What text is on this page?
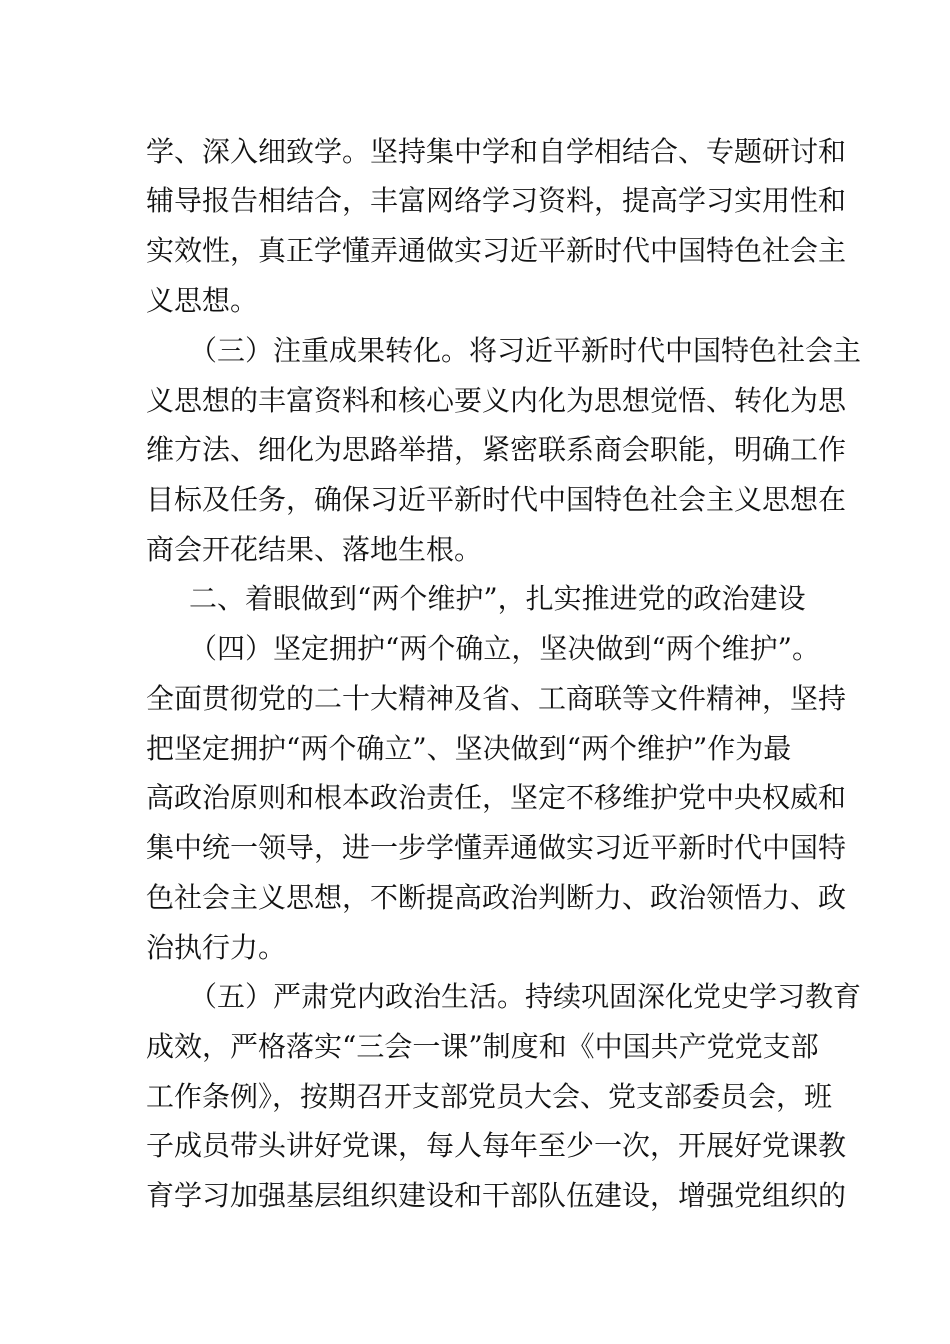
学、深入细致学。坚持集中学和自学相结合、专题研讨和
辅导报告相结合，丰富网络学习资料，提高学习实用性和
实效性，真正学懂弄通做实习近平新时代中国特色社会主
义思想。
（三）注重成果转化。将习近平新时代中国特色社会主
义思想的丰富资料和核心要义内化为思想觉悟、转化为思
维方法、细化为思路举措，紧密联系商会职能，明确工作
目标及任务，确保习近平新时代中国特色社会主义思想在
商会开花结果、落地生根。
二、着眼做到“两个维护”，扎实推进党的政治建设
（四）坚定拥护“两个确立，坚决做到“两个维护”。
全面贯彻党的二十大精神及省、工商联等文件精神，坚持
把坚定拥护“两个确立”、坚决做到“两个维护”作为最
高政治原则和根本政治责任，坚定不移维护党中央权威和
集中统一领导，进一步学懂弄通做实习近平新时代中国特
色社会主义思想，不断提高政治判断力、政治领悟力、政
治执行力。
（五）严肃党内政治生活。持续巩固深化党史学习教育
成效，严格落实“三会一课”制度和《中国共产党党支部
工作条例》，按期召开支部党员大会、党支部委员会，班
子成员带头讲好党课，每人每年至少一次，开展好党课教
育学习加强基层组织建设和干部队伍建设，增强党组织的
